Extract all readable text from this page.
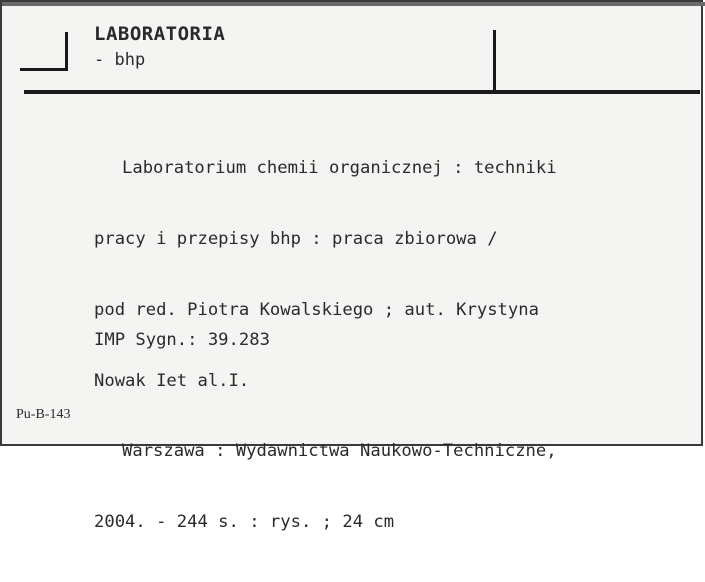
LABORATORIA
- bhp

Laboratorium chemii organicznej : techniki

pracy i przepisy bhp : praca zbiorowa /

pod red. Piotra Kowalskiego ; aut. Krystyna

Nowak Iet al.I.

Warszawa : Wydawnictwa Naukowo-Techniczne,

2004. - 244 s. : rys. ; 24 cm

IMP Sygn.: 39.283
Pu-B-143
